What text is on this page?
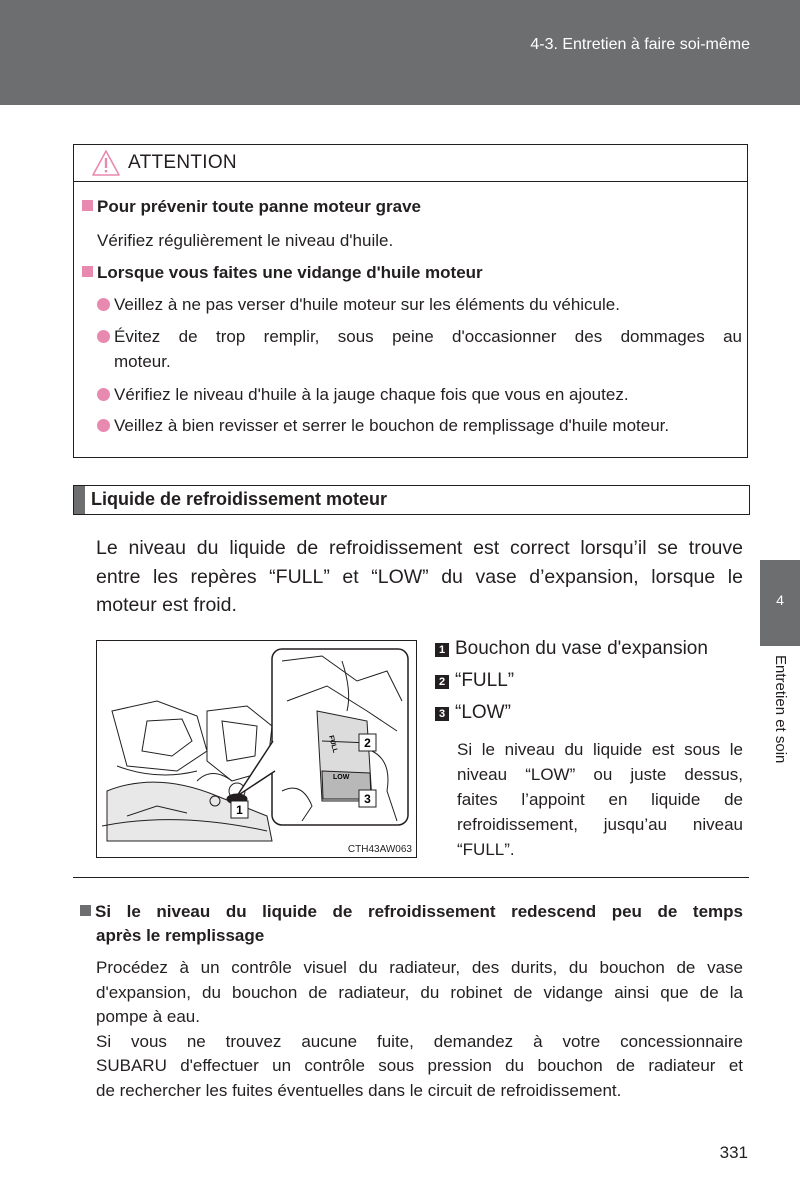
4-3. Entretien à faire soi-même
4
Entretien et soin
ATTENTION
Pour prévenir toute panne moteur grave
Vérifiez régulièrement le niveau d'huile.
Lorsque vous faites une vidange d'huile moteur
Veillez à ne pas verser d'huile moteur sur les éléments du véhicule.
Évitez de trop remplir, sous peine d'occasionner des dommages au
moteur.
Vérifiez le niveau d'huile à la jauge chaque fois que vous en ajoutez.
Veillez à bien revisser et serrer le bouchon de remplissage d'huile moteur.
Liquide de refroidissement moteur
Le niveau du liquide de refroidissement est correct lorsqu’il se trouve
entre les repères “FULL” et “LOW” du vase d’expansion, lorsque le
moteur est froid.
FULL
LOW
1
2
3
CTH43AW063
1 Bouchon du vase d'expansion
2 “FULL”
3 “LOW”
Si le niveau du liquide est sous le
niveau “LOW” ou juste dessus,
faites l’appoint en liquide de
refroidissement, jusqu’au niveau
“FULL”.
Si le niveau du liquide de refroidissement redescend peu de temps
après le remplissage
Procédez à un contrôle visuel du radiateur, des durits, du bouchon de vase
d'expansion, du bouchon de radiateur, du robinet de vidange ainsi que de la
pompe à eau.
Si vous ne trouvez aucune fuite, demandez à votre concessionnaire
SUBARU d'effectuer un contrôle sous pression du bouchon de radiateur et
de rechercher les fuites éventuelles dans le circuit de refroidissement.
331
